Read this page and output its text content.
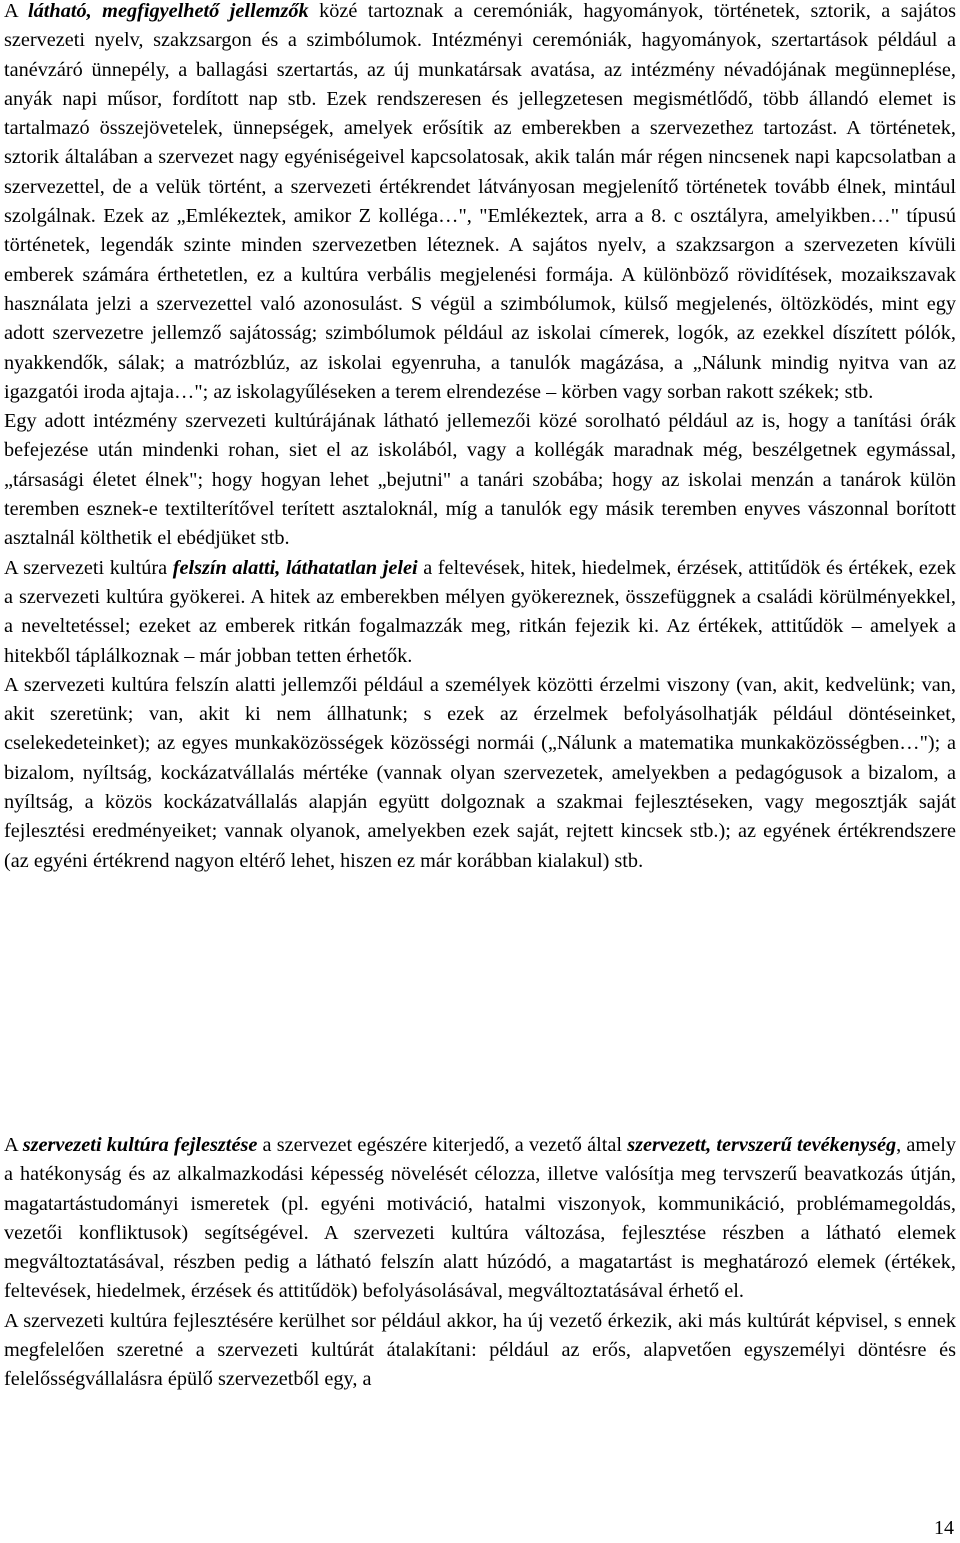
A látható, megfigyelhető jellemzők közé tartoznak a ceremóniák, hagyományok, történetek, sztorik, a sajátos szervezeti nyelv, szakzsargon és a szimbólumok. Intézményi ceremóniák, hagyományok, szertartások például a tanévzáró ünnepély, a ballagási szertartás, az új munkatársak avatása, az intézmény névadójának megünneplése, anyák napi műsor, fordított nap stb. Ezek rendszeresen és jellegzetesen megismétlődő, több állandó elemet is tartalmazó összejövetelek, ünnepségek, amelyek erősítik az emberekben a szervezethez tartozást. A történetek, sztorik általában a szervezet nagy egyéniségeivel kapcsolatosak, akik talán már régen nincsenek napi kapcsolatban a szervezettel, de a velük történt, a szervezeti értékrendet látványosan megjelenítő történetek tovább élnek, mintául szolgálnak. Ezek az „Emlékeztek, amikor Z kolléga…", "Emlékeztek, arra a 8. c osztályra, amelyikben…" típusú történetek, legendák szinte minden szervezetben léteznek. A sajátos nyelv, a szakzsargon a szervezeten kívüli emberek számára érthetetlen, ez a kultúra verbális megjelenési formája. A különböző rövidítések, mozaikszavak használata jelzi a szervezettel való azonosulást. S végül a szimbólumok, külső megjelenés, öltözködés, mint egy adott szervezetre jellemző sajátosság; szimbólumok például az iskolai címerek, logók, az ezekkel díszített pólók, nyakkendők, sálak; a matrózblúz, az iskolai egyenruha, a tanulók magázása, a „Nálunk mindig nyitva van az igazgatói iroda ajtaja…"; az iskolagyűléseken a terem elrendezése – körben vagy sorban rakott székek; stb.

Egy adott intézmény szervezeti kultúrájának látható jellemezői közé sorolható például az is, hogy a tanítási órák befejezése után mindenki rohan, siet el az iskolából, vagy a kollégák maradnak még, beszélgetnek egymással, „társasági életet élnek"; hogy hogyan lehet „bejutni" a tanári szobába; hogy az iskolai menzán a tanárok külön teremben esznek-e textilterítővel terített asztaloknál, míg a tanulók egy másik teremben enyves vászonnal borított asztalnál költhetik el ebédjüket stb.

A szervezeti kultúra felszín alatti, láthatatlan jelei a feltevések, hitek, hiedelmek, érzések, attitűdök és értékek, ezek a szervezeti kultúra gyökerei. A hitek az emberekben mélyen gyökereznek, összefüggnek a családi körülményekkel, a neveltetéssel; ezeket az emberek ritkán fogalmazzák meg, ritkán fejezik ki. Az értékek, attitűdök – amelyek a hitekből táplálkoznak – már jobban tetten érhetők.

A szervezeti kultúra felszín alatti jellemzői például a személyek közötti érzelmi viszony (van, akit, kedvelünk; van, akit szeretünk; van, akit ki nem állhatunk; s ezek az érzelmek befolyásolhatják például döntéseinket, cselekedeteinket); az egyes munkaközösségek közösségi normái („Nálunk a matematika munkaközösségben…"); a bizalom, nyíltság, kockázatvállalás mértéke (vannak olyan szervezetek, amelyekben a pedagógusok a bizalom, a nyíltság, a közös kockázatvállalás alapján együtt dolgoznak a szakmai fejlesztéseken, vagy megosztják saját fejlesztési eredményeiket; vannak olyanok, amelyekben ezek saját, rejtett kincsek stb.); az egyének értékrendszere (az egyéni értékrend nagyon eltérő lehet, hiszen ez már korábban kialakul) stb.

A szervezeti kultúra fejlesztése a szervezet egészére kiterjedő, a vezető által szervezett, tervszerű tevékenység, amely a hatékonyság és az alkalmazkodási képesség növelését célozza, illetve valósítja meg tervszerű beavatkozás útján, magatartástudományi ismeretek (pl. egyéni motiváció, hatalmi viszonyok, kommunikáció, problémamegoldás, vezetői konfliktusok) segítségével. A szervezeti kultúra változása, fejlesztése részben a látható elemek megváltoztatásával, részben pedig a látható felszín alatt húzódó, a magatartást is meghatározó elemek (értékek, feltevések, hiedelmek, érzések és attitűdök) befolyásolásával, megváltoztatásával érhető el.

A szervezeti kultúra fejlesztésére kerülhet sor például akkor, ha új vezető érkezik, aki más kultúrát képvisel, s ennek megfelelően szeretné a szervezeti kultúrát átalakítani: például az erős, alapvetően egyszemélyi döntésre és felelősségvállalásra épülő szervezetből egy, a

14
